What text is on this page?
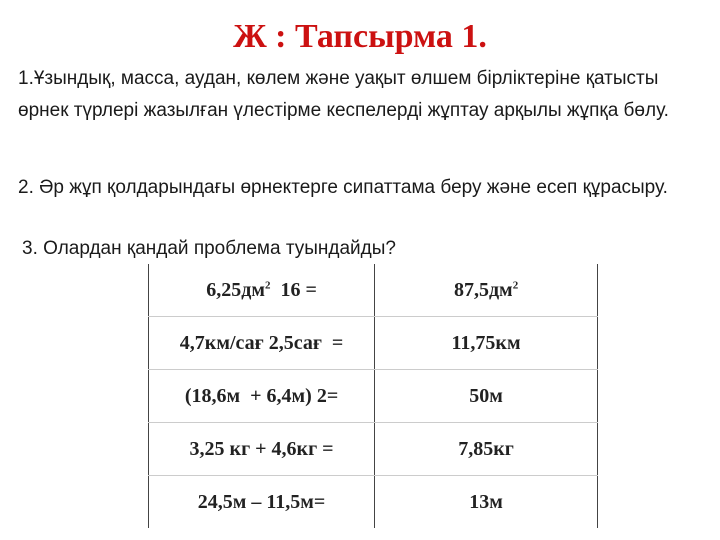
Ж : Тапсырма 1.

1.Ұзындық, масса, аудан, көлем және уақыт өлшем бірліктеріне қатысты өрнек түрлері жазылған үлестірме кеспелерді жұптау арқылы жұпқа бөлу.

2. Әр жұп қолдарындағы өрнектерге сипаттама беру және есеп құрасыру.

3. Олардан қандай проблема туындайды?

$6,25дм^2$  16 =	$87,5дм^2$
4,7км/сағ 2,5сағ  =	11,75км
(18,6м  + 6,4м) 2=	50м
3,25 кг + 4,6кг =	7,85кг
24,5м – 11,5м=	13м
